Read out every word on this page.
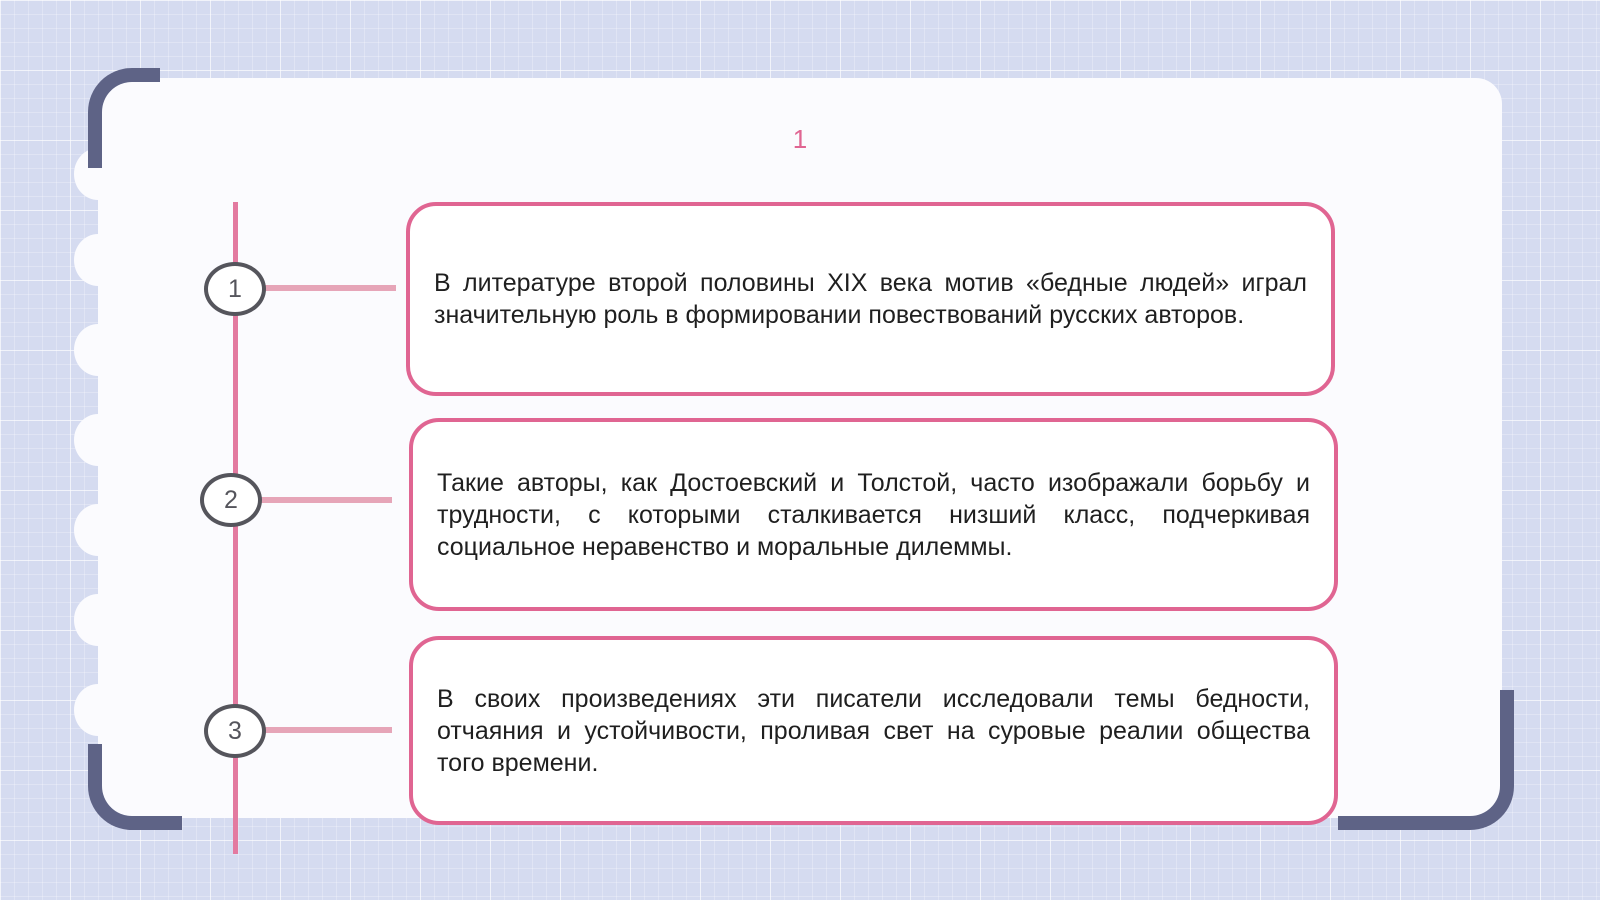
1
1	В литературе второй половины XIX века мотив «бедные людей» играл значительную роль в формировании повествований русских авторов.

2

Такие авторы, как Достоевский и Толстой, часто изображали борьбу и трудности, с которыми сталкивается низший класс, подчеркивая социальное неравенство и моральные дилеммы.

3

В своих произведениях эти писатели исследовали темы бедности, отчаяния и устойчивости, проливая свет на суровые реалии общества того времени.
